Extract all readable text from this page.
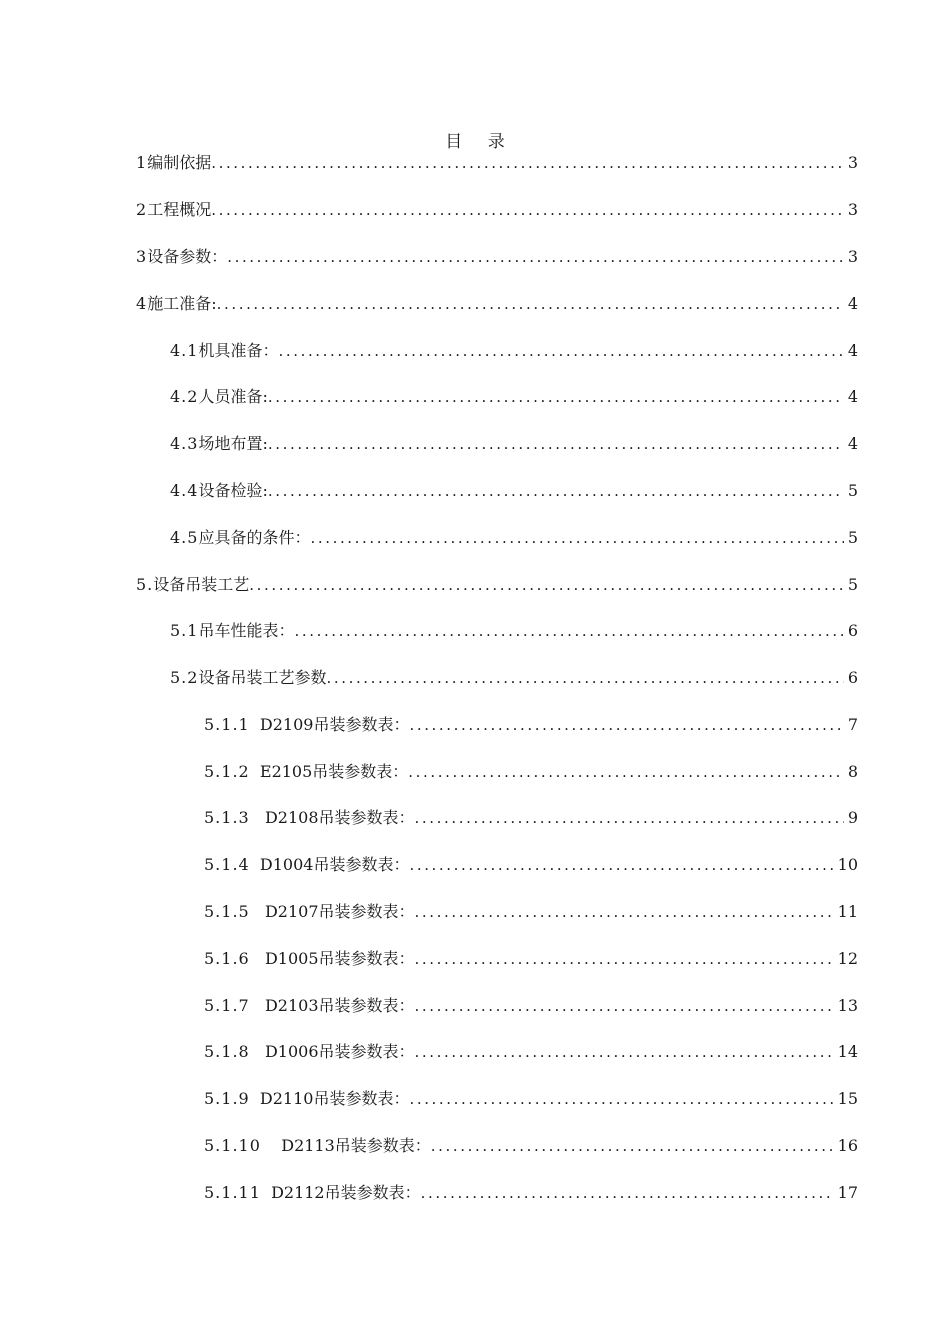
目 录
1 编制依据 .....	3
2 工程概况 .....	3
3 设备参数： .....	3
4 施工准备: .....	4
4.1 机具准备： .....	4
4.2 人员准备: .....	4
4.3 场地布置: .....	4
4.4 设备检验: .....	5
4.5 应具备的条件： .....	5
5. 设备吊装工艺 .....	5
5.1 吊车性能表： .....	6
5.2 设备吊装工艺参数 .....	6
5.1.1 D2109吊装参数表： .....	7
5.1.2 E2105吊装参数表： .....	8
5.1.3 D2108吊装参数表： .....	9
5.1.4 D1004吊装参数表： .....	10
5.1.5 D2107吊装参数表： .....	11
5.1.6 D1005吊装参数表： .....	12
5.1.7 D2103吊装参数表： .....	13
5.1.8 D1006吊装参数表： .....	14
5.1.9 D2110吊装参数表： .....	15
5.1.10 D2113吊装参数表： .....	16
5.1.11 D2112吊装参数表： .....	17
